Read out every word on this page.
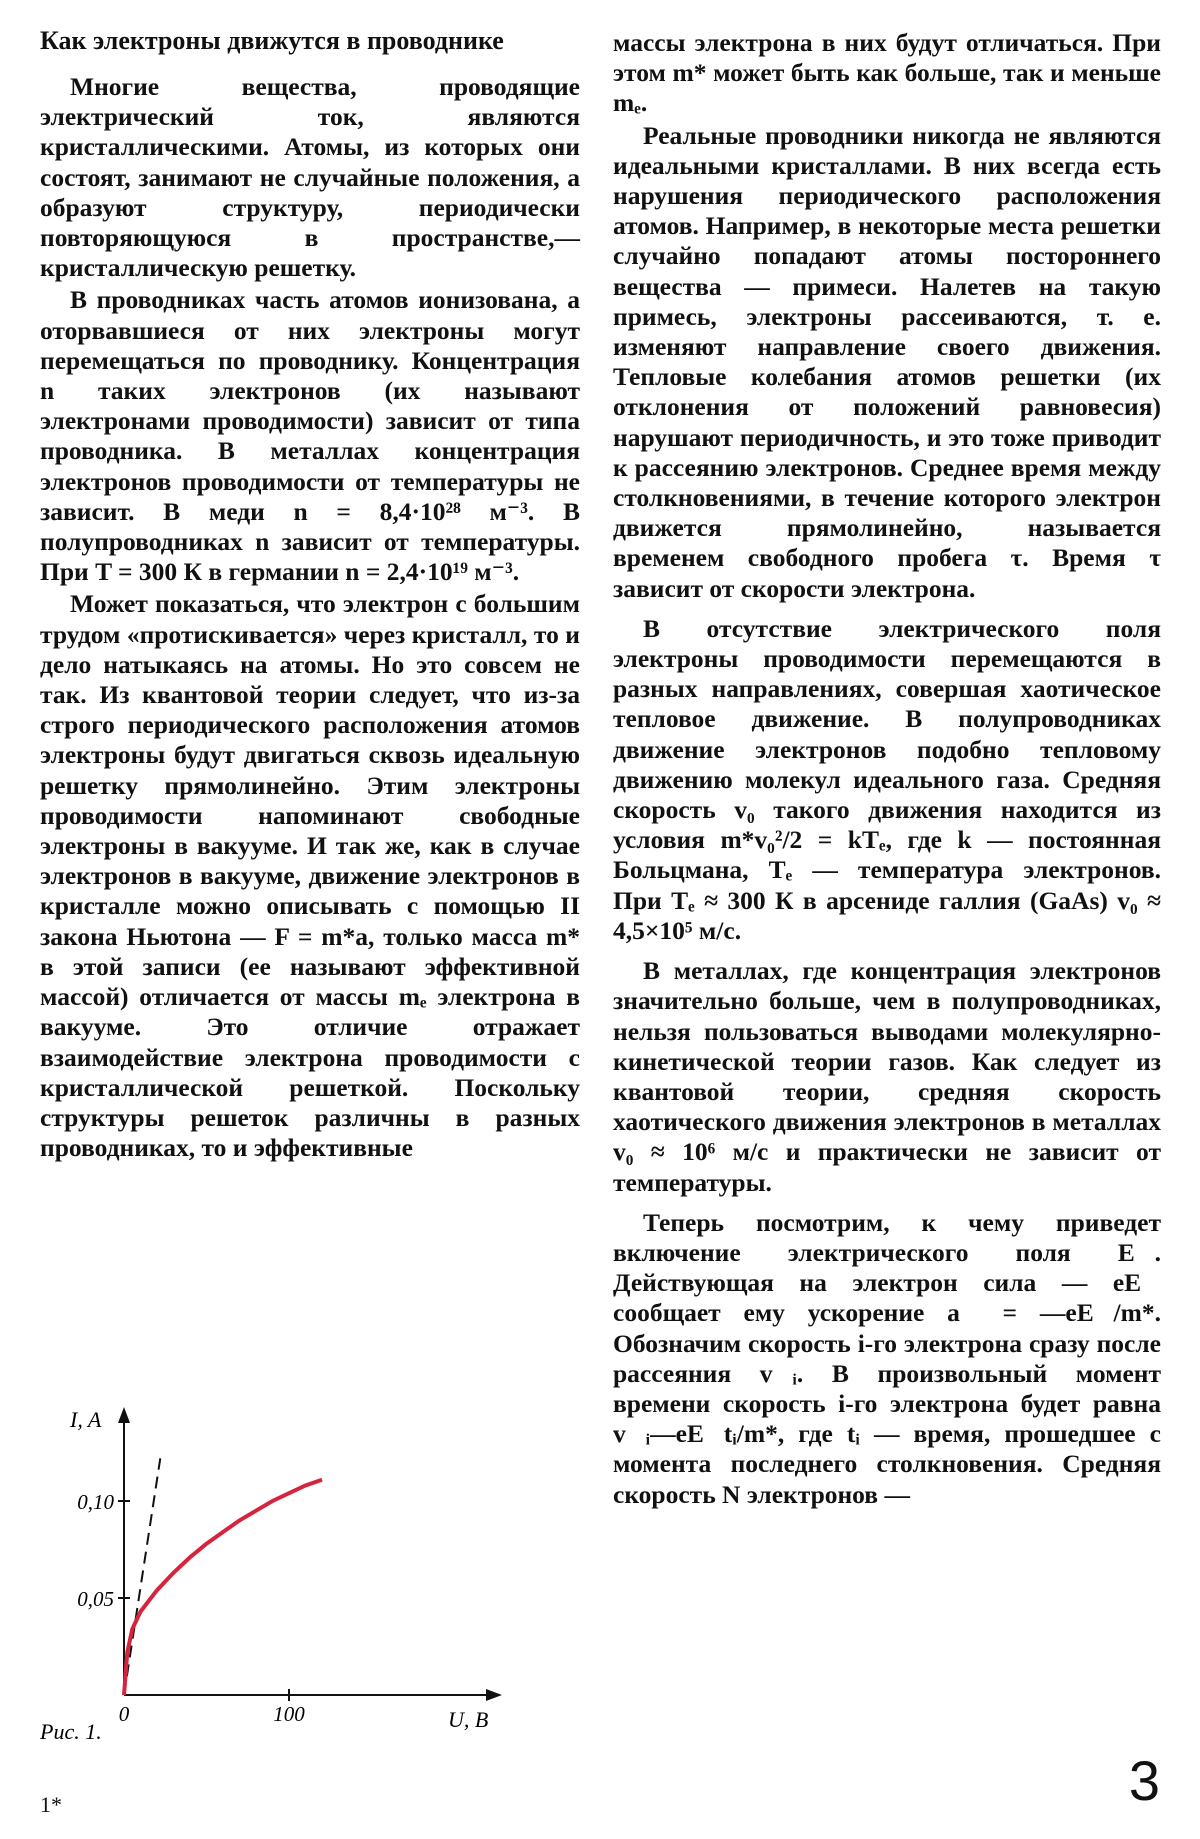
Как электроны движутся в проводнике

Многие вещества, проводящие электрический ток, являются кристаллическими. Атомы, из которых они состоят, занимают не случайные положения, а образуют структуру, периодически повторяющуюся в пространстве,— кристаллическую решетку.

В проводниках часть атомов ионизована, а оторвавшиеся от них электроны могут перемещаться по проводнику. Концентрация n таких электронов (их называют электронами проводимости) зависит от типа проводника. В металлах концентрация электронов проводимости от температуры не зависит. В меди n = 8,4·10²⁸ м⁻³. В полупроводниках n зависит от температуры. При T = 300 К в германии n = 2,4·10¹⁹ м⁻³.

Может показаться, что электрон с большим трудом «протискивается» через кристалл, то и дело натыкаясь на атомы. Но это совсем не так. Из квантовой теории следует, что из-за строго периодического расположения атомов электроны будут двигаться сквозь идеальную решетку прямолинейно. Этим электроны проводимости напоминают свободные электроны в вакууме. И так же, как в случае электронов в вакууме, движение электронов в кристалле можно описывать с помощью II закона Ньютона — F = m*a, только масса m* в этой записи (ее называют эффективной массой) отличается от массы mₑ электрона в вакууме. Это отличие отражает взаимодействие электрона проводимости с кристаллической решеткой. Поскольку структуры решеток различны в разных проводниках, то и эффективные

массы электрона в них будут отличаться. При этом m* может быть как больше, так и меньше mₑ.

Реальные проводники никогда не являются идеальными кристаллами. В них всегда есть нарушения периодического расположения атомов. Например, в некоторые места решетки случайно попадают атомы постороннего вещества — примеси. Налетев на такую примесь, электроны рассеиваются, т. е. изменяют направление своего движения. Тепловые колебания атомов решетки (их отклонения от положений равновесия) нарушают периодичность, и это тоже приводит к рассеянию электронов. Среднее время между столкновениями, в течение которого электрон движется прямолинейно, называется временем свободного пробега τ. Время τ зависит от скорости электрона.

В отсутствие электрического поля электроны проводимости перемещаются в разных направлениях, совершая хаотическое тепловое движение. В полупроводниках движение электронов подобно тепловому движению молекул идеального газа. Средняя скорость v₀ такого движения находится из условия m*v₀²/2 = kTₑ, где k — постоянная Больцмана, Tₑ — температура электронов. При Tₑ ≈ 300 К в арсениде галлия (GaAs) v₀ ≈ 4,5×10⁵ м/с.

В металлах, где концентрация электронов значительно больше, чем в полупроводниках, нельзя пользоваться выводами молекулярно-кинетической теории газов. Как следует из квантовой теории, средняя скорость хаотического движения электронов в металлах v₀ ≈ 10⁶ м/с и практически не зависит от температуры.

Теперь посмотрим, к чему приведет включение электрического поля E⃗. Действующая на электрон сила — eE⃗ сообщает ему ускорение a⃗ = —eE⃗/m*. Обозначим скорость i-го электрона сразу после рассеяния v⃗ᵢ. В произвольный момент времени скорость i-го электрона будет равна v⃗ᵢ—eE⃗tᵢ/m*, где tᵢ — время, прошедшее с момента последнего столкновения. Средняя скорость N электронов —

0,10
0,05
0	100
I, A
U, B
Рис. 1.
1*	3
